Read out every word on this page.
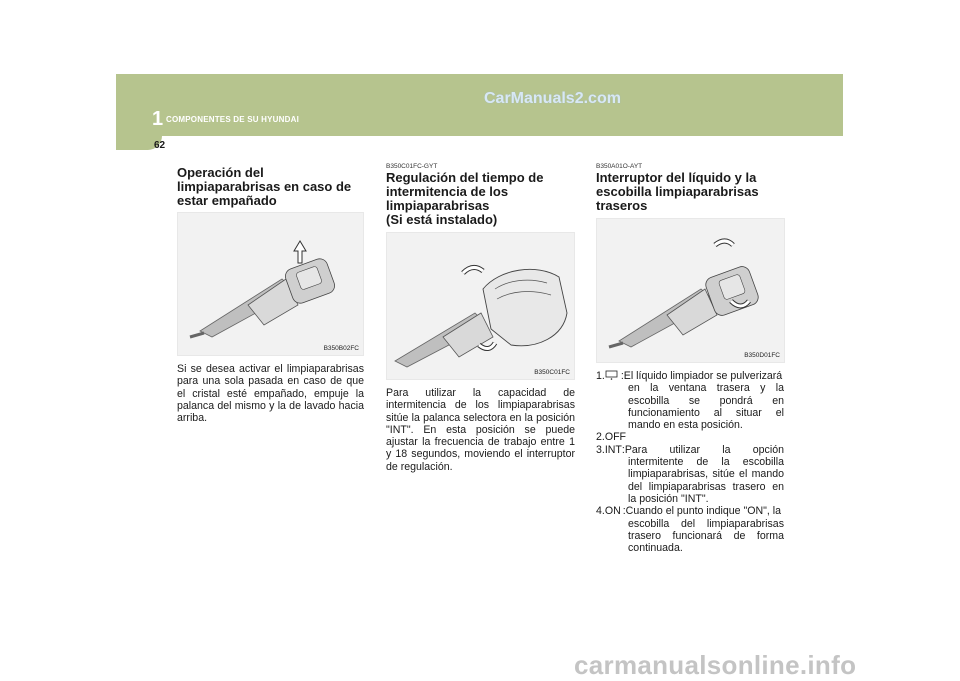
1 COMPONENTES DE SU HYUNDAI
CarManuals2.com
62
Operación del limpiaparabrisas en caso de estar empañado
B350B02FC
Si se desea activar el limpiaparabrisas para una sola pasada en caso de que el cristal esté empañado, empuje la palanca del mismo y la de lavado hacia arriba.
B350C01FC-GYT
Regulación del tiempo de
intermitencia de los
limpiaparabrisas
(Si está instalado)
B350C01FC
Para utilizar la capacidad de intermitencia de los limpiaparabrisas sitúe la palanca selectora en la posición "INT". En esta posición se puede ajustar la frecuencia de trabajo entre 1 y 18 segundos, moviendo el interruptor de regulación.
B350A01O-AYT
Interruptor del líquido y la
escobilla limpiaparabrisas
traseros
B350D01FC
1. :El líquido limpiador se pulverizará
en la ventana trasera y la escobilla se pondrá en funcionamiento al situar el mando en esta posición.
2.OFF
3.INT :Para utilizar la opción
intermitente de la escobilla limpiaparabrisas, sitúe el mando del limpiaparabrisas trasero en la posición "INT".
4.ON :Cuando el punto indique "ON", la
escobilla del limpiaparabrisas trasero funcionará de forma continuada.
carmanualsonline.info
